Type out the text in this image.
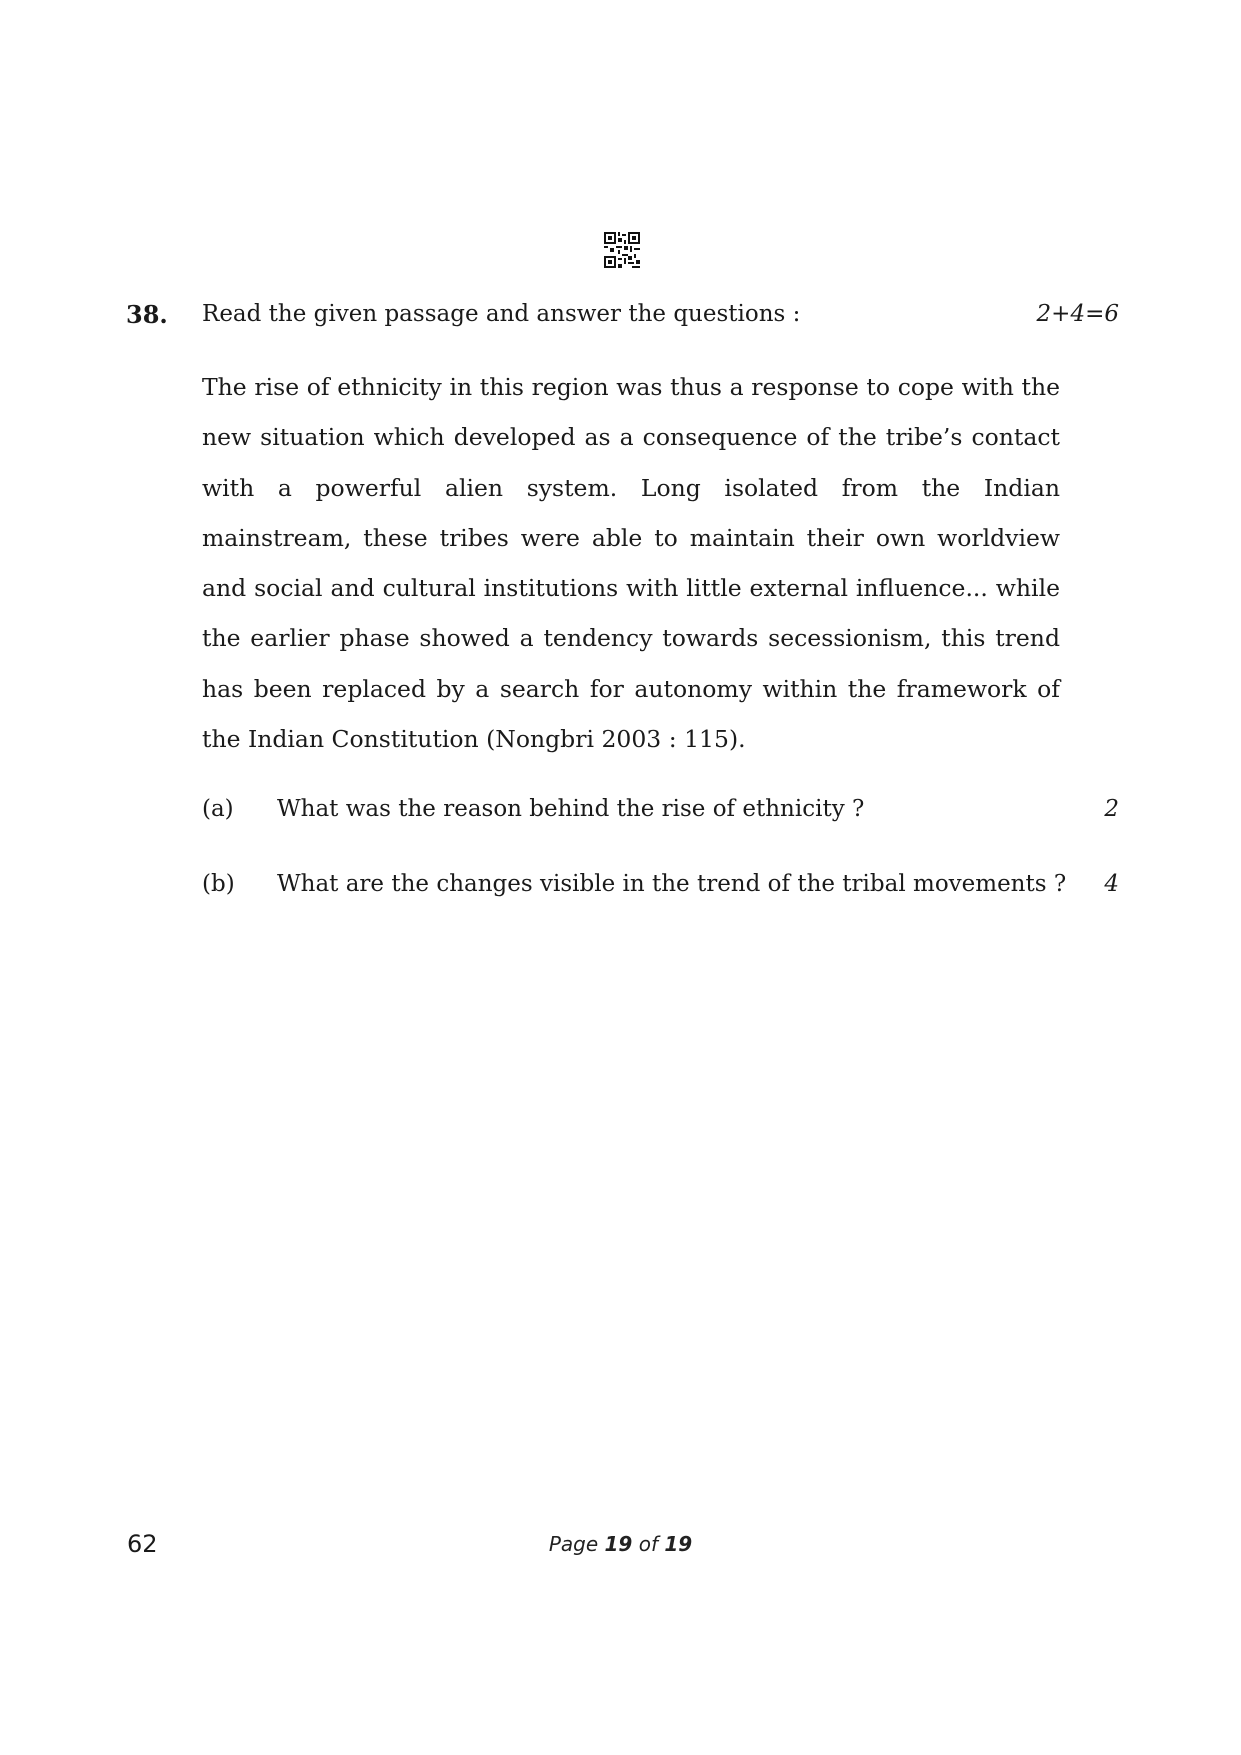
38. Read the given passage and answer the questions :	2+4=6
The rise of ethnicity in this region was thus a response to cope with the new situation which developed as a consequence of the tribe’s contact with a powerful alien system. Long isolated from the Indian mainstream, these tribes were able to maintain their own worldview and social and cultural institutions with little external influence... while the earlier phase showed a tendency towards secessionism, this trend has been replaced by a search for autonomy within the framework of the Indian Constitution (Nongbri 2003 : 115).
(a) What was the reason behind the rise of ethnicity ?	2
(b) What are the changes visible in the trend of the tribal movements ? 4
62	Page 19 of 19
